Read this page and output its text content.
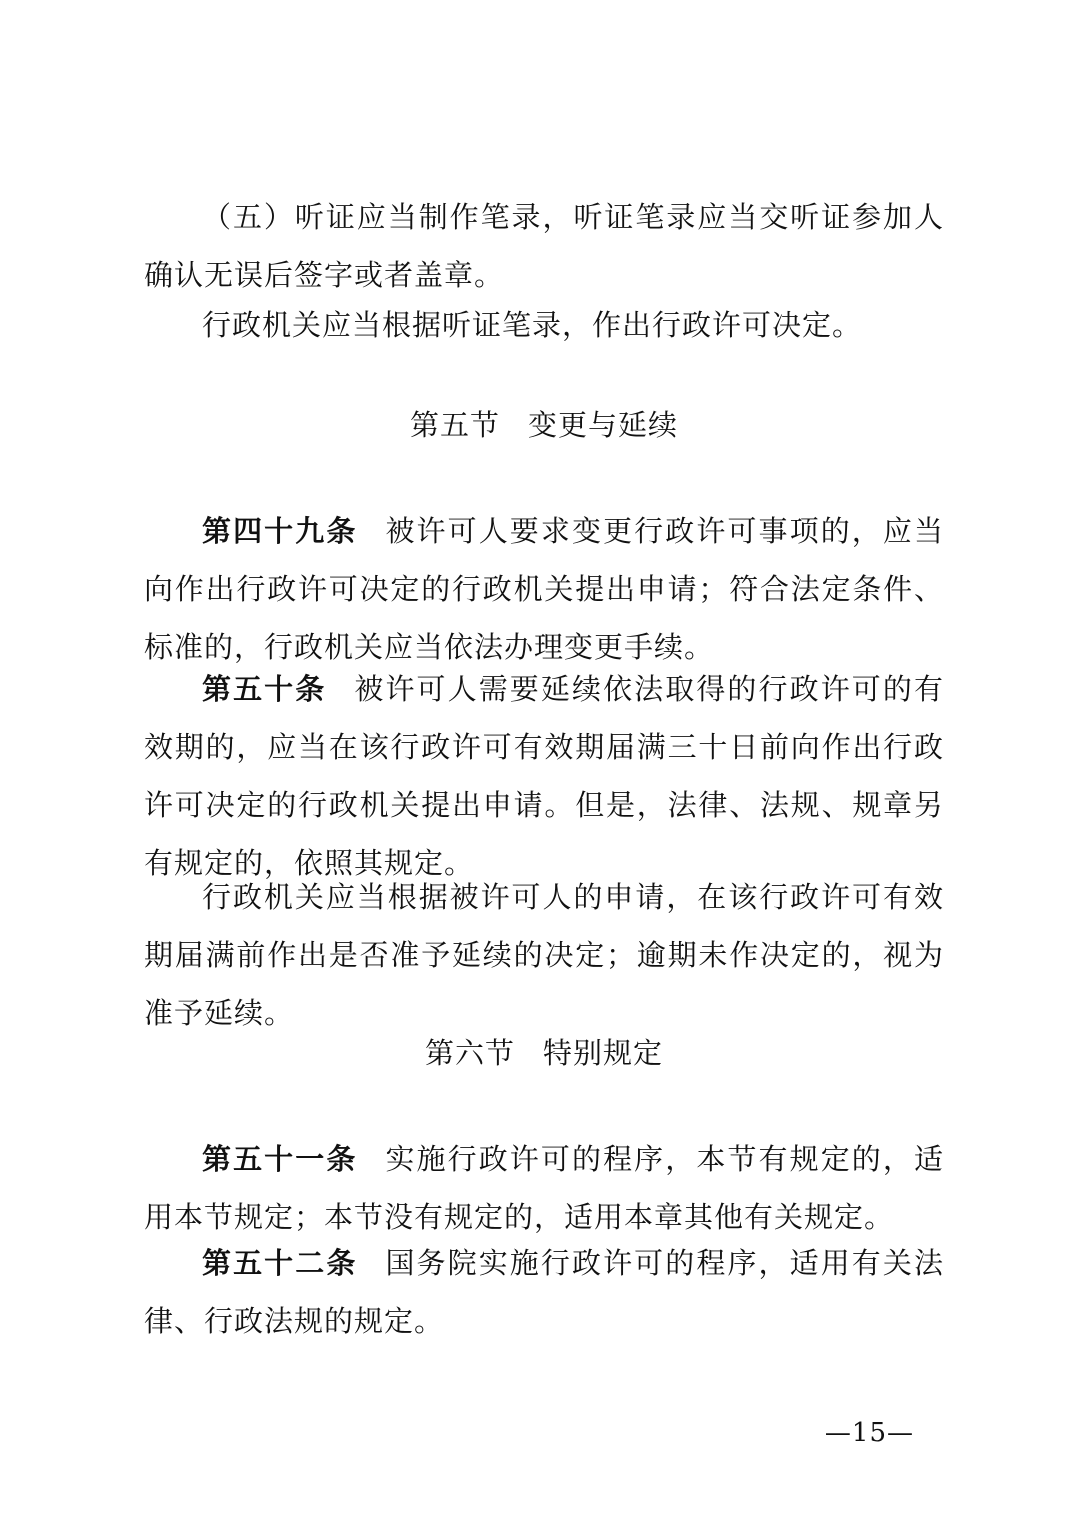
（五）听证应当制作笔录，听证笔录应当交听证参加人确认无误后签字或者盖章。

行政机关应当根据听证笔录，作出行政许可决定。

第五节 变更与延续

第四十九条 被许可人要求变更行政许可事项的，应当向作出行政许可决定的行政机关提出申请；符合法定条件、标准的，行政机关应当依法办理变更手续。

第五十条 被许可人需要延续依法取得的行政许可的有效期的，应当在该行政许可有效期届满三十日前向作出行政许可决定的行政机关提出申请。但是，法律、法规、规章另有规定的，依照其规定。

行政机关应当根据被许可人的申请，在该行政许可有效期届满前作出是否准予延续的决定；逾期未作决定的，视为准予延续。

第六节 特别规定

第五十一条 实施行政许可的程序，本节有规定的，适用本节规定；本节没有规定的，适用本章其他有关规定。

第五十二条 国务院实施行政许可的程序，适用有关法律、行政法规的规定。

—15—
